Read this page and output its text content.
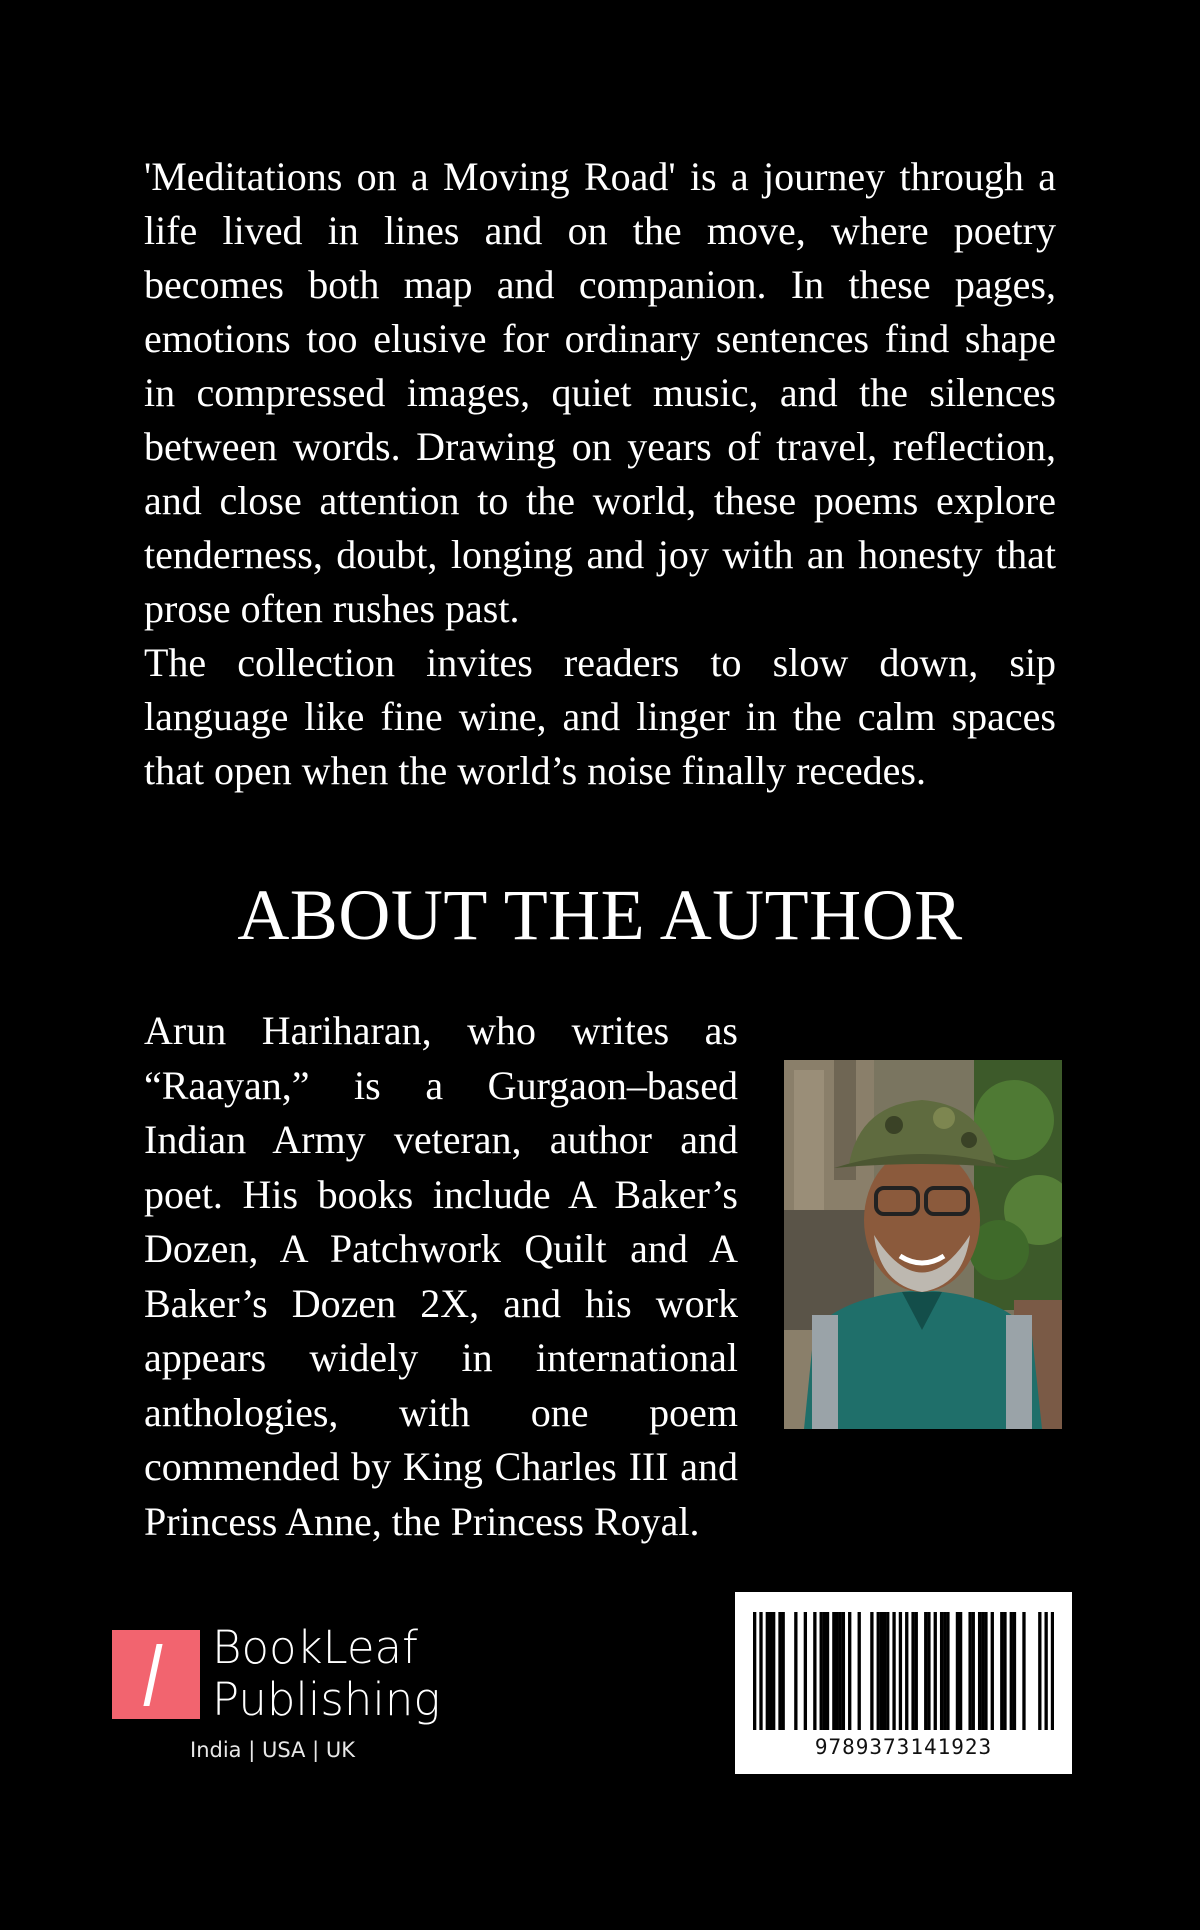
'Meditations on a Moving Road' is a journey through a life lived in lines and on the move, where poetry becomes both map and companion. In these pages, emotions too elusive for ordinary sentences find shape in compressed images, quiet music, and the silences between words. Drawing on years of travel, reflection, and close attention to the world, these poems explore tenderness, doubt, longing and joy with an honesty that prose often rushes past.

The collection invites readers to slow down, sip language like fine wine, and linger in the calm spaces that open when the world’s noise finally recedes.

ABOUT THE AUTHOR

Arun Hariharan, who writes as “Raayan,” is a Gurgaon–based Indian Army veteran, author and poet. His books include A Baker’s Dozen, A Patchwork Quilt and A Baker’s Dozen 2X, and his work appears widely in international anthologies, with one poem commended by King Charles III and Princess Anne, the Princess Royal.

BookLeaf
Publishing
India | USA | UK	9789373141923
